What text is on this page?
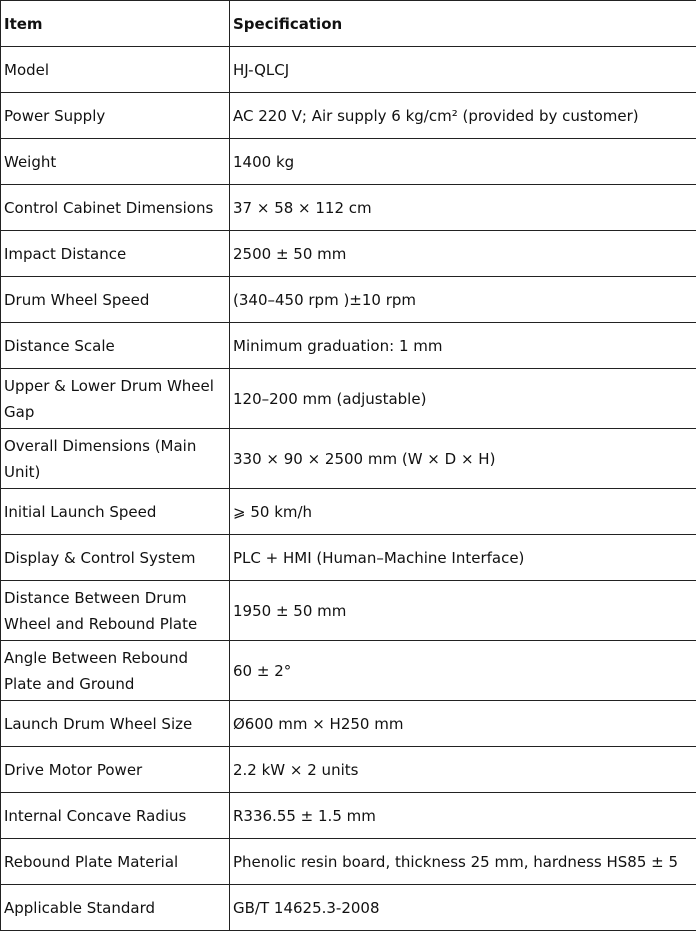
Item	Specification
Model	HJ-QLCJ
Power Supply	AC 220 V; Air supply 6 kg/cm² (provided by customer)
Weight	1400 kg
Control Cabinet Dimensions	37 × 58 × 112 cm
Impact Distance	2500 ± 50 mm
Drum Wheel Speed	(340–450 rpm )±10 rpm
Distance Scale	Minimum graduation: 1 mm
Upper & Lower Drum Wheel Gap	120–200 mm (adjustable)
Overall Dimensions (Main Unit)	330 × 90 × 2500 mm (W × D × H)
Initial Launch Speed	⩾ 50 km/h
Display & Control System	PLC + HMI (Human–Machine Interface)
Distance Between Drum Wheel and Rebound Plate	1950 ± 50 mm
Angle Between Rebound Plate and Ground	60 ± 2°
Launch Drum Wheel Size	Ø600 mm × H250 mm
Drive Motor Power	2.2 kW × 2 units
Internal Concave Radius	R336.55 ± 1.5 mm
Rebound Plate Material	Phenolic resin board, thickness 25 mm, hardness HS85 ± 5
Applicable Standard	GB/T 14625.3-2008
